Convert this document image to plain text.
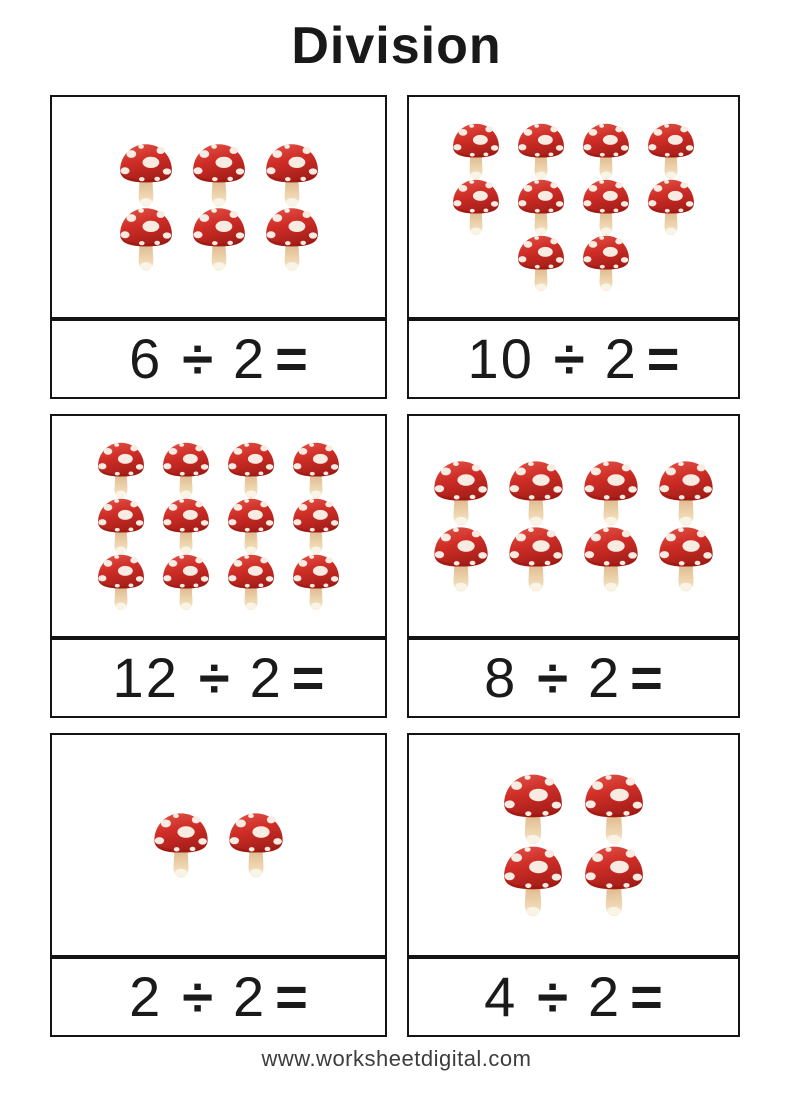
Division
6 ÷ 2 =	10 ÷ 2 =
12 ÷ 2 =	8 ÷ 2 =
2 ÷ 2 =	4 ÷ 2 =
www.worksheetdigital.com
